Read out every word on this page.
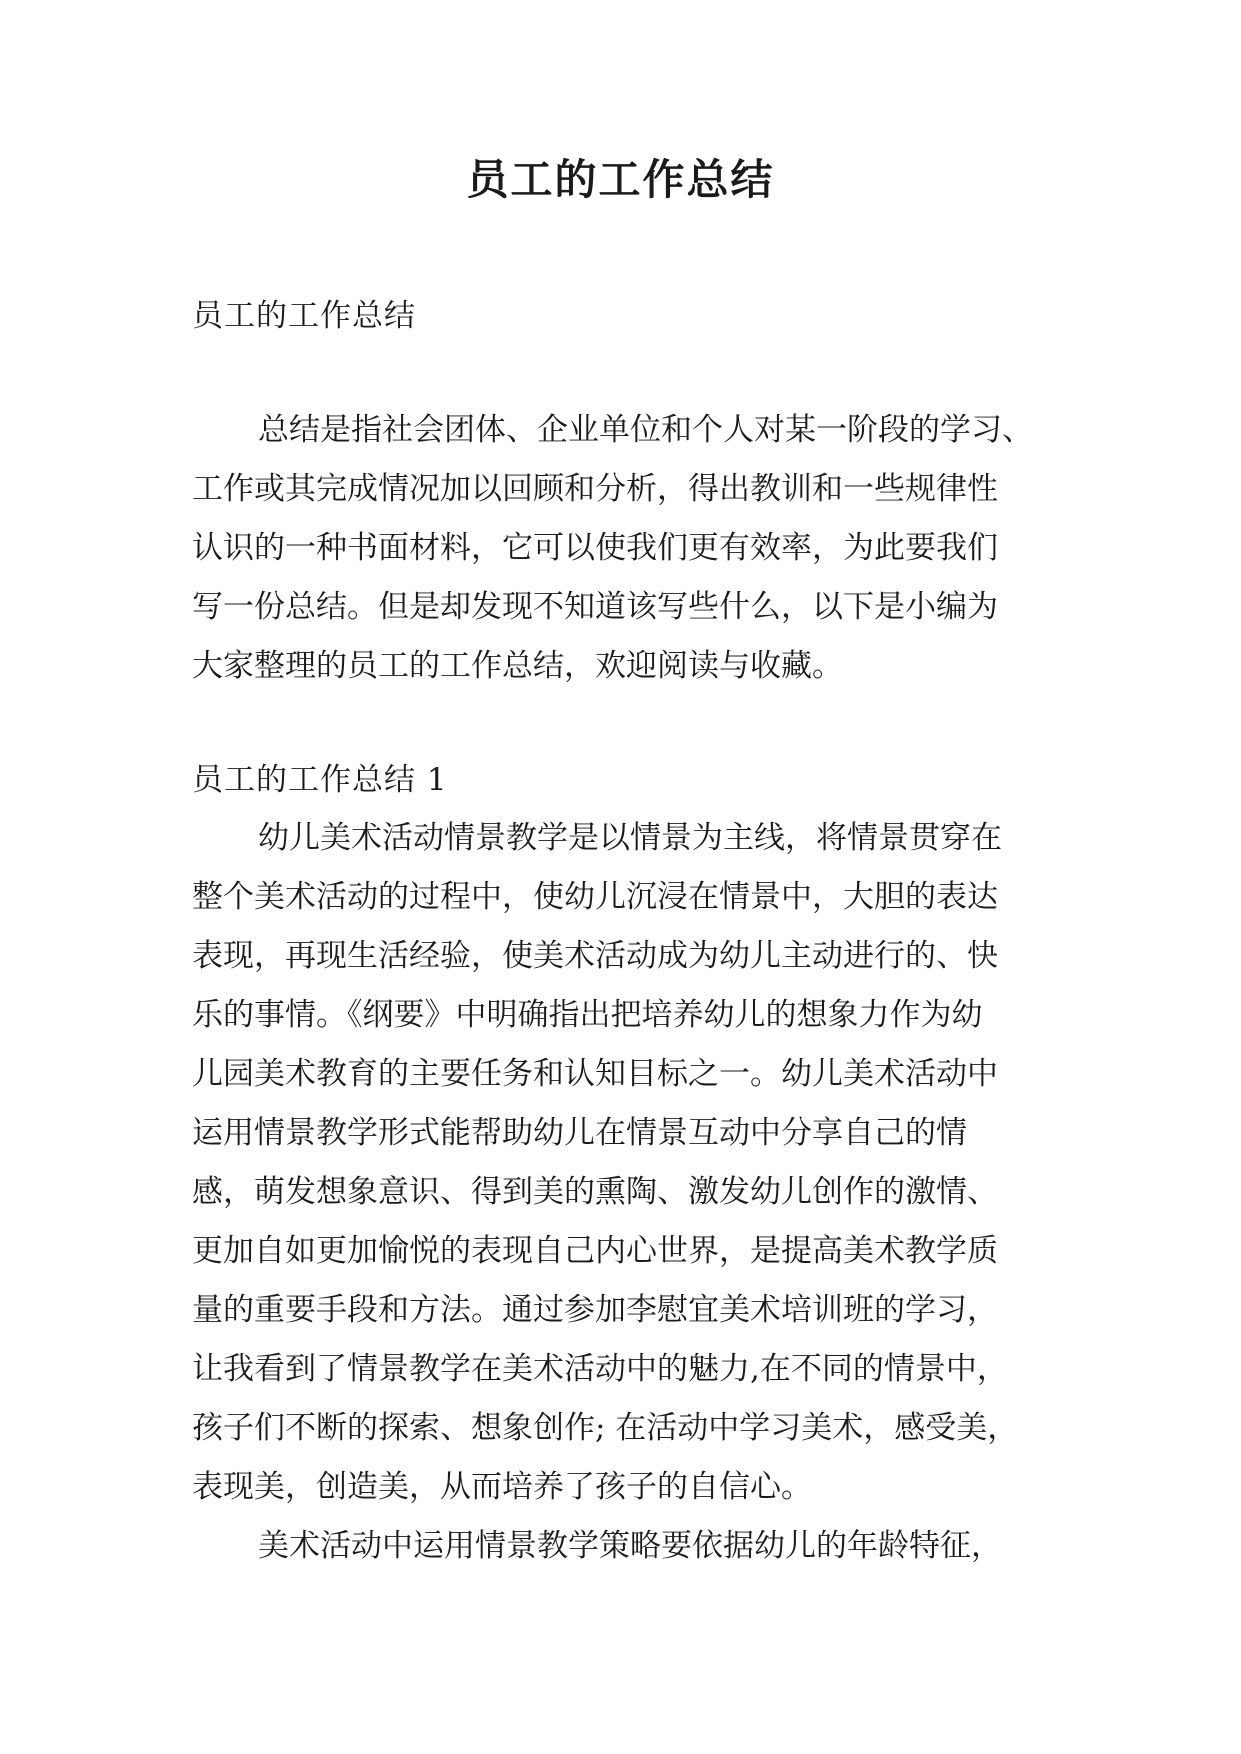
员工的工作总结

员工的工作总结

总结是指社会团体、企业单位和个人对某一阶段的学习、

工作或其完成情况加以回顾和分析，得出教训和一些规律性

认识的一种书面材料，它可以使我们更有效率，为此要我们

写一份总结。但是却发现不知道该写些什么，以下是小编为

大家整理的员工的工作总结，欢迎阅读与收藏。

员工的工作总结 1

幼儿美术活动情景教学是以情景为主线，将情景贯穿在

整个美术活动的过程中，使幼儿沉浸在情景中，大胆的表达

表现，再现生活经验，使美术活动成为幼儿主动进行的、快

乐的事情。《纲要》中明确指出把培养幼儿的想象力作为幼

儿园美术教育的主要任务和认知目标之一。幼儿美术活动中

运用情景教学形式能帮助幼儿在情景互动中分享自己的情

感，萌发想象意识、得到美的熏陶、激发幼儿创作的激情、

更加自如更加愉悦的表现自己内心世界，是提高美术教学质

量的重要手段和方法。通过参加李慰宜美术培训班的学习，

让我看到了情景教学在美术活动中的魅力,在不同的情景中，

孩子们不断的探索、想象创作; 在活动中学习美术，感受美，

表现美，创造美，从而培养了孩子的自信心。

美术活动中运用情景教学策略要依据幼儿的年龄特征，
